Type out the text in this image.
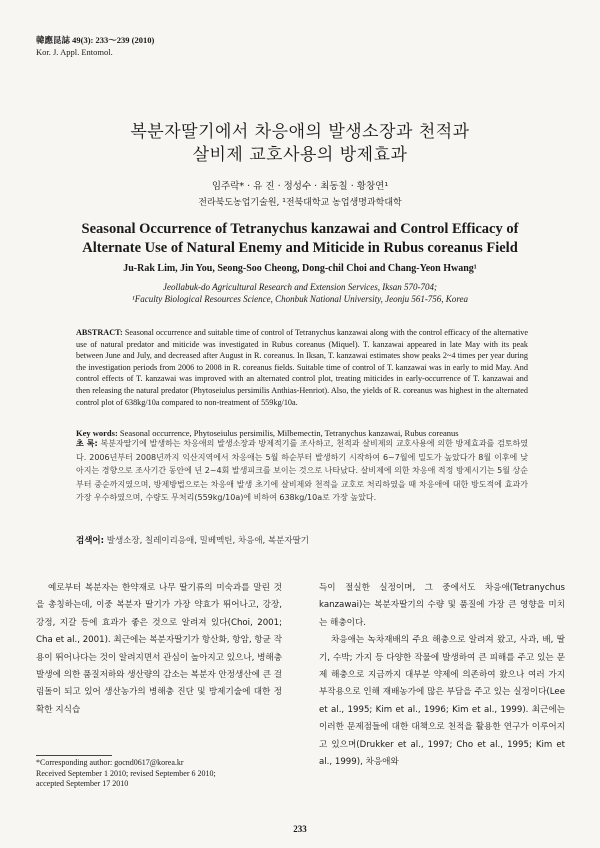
韓應昆誌 49(3): 233～239 (2010)
Kor. J. Appl. Entomol.
복분자딸기에서 차응애의 발생소장과 천적과
살비제 교호사용의 방제효과
임주락* · 유 진 · 정성수 · 최동칠 · 황창연¹
전라북도농업기술원, ¹전북대학교 농업생명과학대학
Seasonal Occurrence of Tetranychus kanzawai and Control Efficacy of
Alternate Use of Natural Enemy and Miticide in Rubus coreanus Field
Ju-Rak Lim, Jin You, Seong-Soo Cheong, Dong-chil Choi and Chang-Yeon Hwang¹
Jeollabuk-do Agricultural Research and Extension Services, Iksan 570-704;
¹Faculty Biological Resources Science, Chonbuk National University, Jeonju 561-756, Korea
ABSTRACT: Seasonal occurrence and suitable time of control of Tetranychus kanzawai along with the control efficacy of the alternative use of natural predator and miticide was investigated in Rubus coreanus (Miquel). T. kanzawai appeared in late May with its peak between June and July, and decreased after August in R. coreanus. In Iksan, T. kanzawai estimates show peaks 2~4 times per year during the investigation periods from 2006 to 2008 in R. coreanus fields. Suitable time of control of T. kanzawai was in early to mid May. And control effects of T. kanzawai was improved with an alternated control plot, treating miticides in early-occurrence of T. kanzawai and then releasing the natural predator (Phytoseiulus persimilis Anthias-Henriot). Also, the yields of R. coreanus was highest in the alternated control plot of 638kg/10a compared to non-treatment of 559kg/10a.
Key words: Seasonal occurrence, Phytoseiulus persimilis, Milbemectin, Tetranychus kanzawai, Rubus coreanus
초 록: 복분자딸기에 발생하는 차응애의 발생소장과 방제적기를 조사하고, 천적과 살비제의 교호사용에 의한 방제효과를 검토하였다. 2006년부터 2008년까지 익산지역에서 차응애는 5월 하순부터 발생하기 시작하여 6~7월에 밀도가 높았다가 8월 이후에 낮아지는 경향으로 조사기간 동안에 년 2~4회 발생피크를 보이는 것으로 나타났다. 살비제에 의한 차응애 적정 방제시기는 5월 상순부터 중순까지였으며, 방제방법으로는 차응애 발생 초기에 살비제와 천적을 교호로 처리하였을 때 차응애에 대한 방도적에 효과가 가장 우수하였으며, 수량도 무처리(559kg/10a)에 비하여 638kg/10a로 가장 높았다.
검색어: 발생소장, 칠레이리응애, 밀베멕틴, 차응애, 복분자딸기

예로부터 복분자는 한약재로 나무 딸기류의 미숙과를 말린 것을 총칭하는데, 이중 복분자 딸기가 가장 약효가 뛰어나고, 강장, 강정, 지갈 등에 효과가 좋은 것으로 알려져 있다(Choi, 2001; Cha et al., 2001). 최근에는 복분자딸기가 항산화, 항암, 항균 작용이 뛰어나다는 것이 알려지면서 관심이 높아지고 있으나, 병해충 발생에 의한 품질저하와 생산량의 감소는 복분자 안정생산에 큰 걸림돌이 되고 있어 생산농가의 병해충 진단 및 방제기술에 대한 정확한 지식습

득이 절실한 실정이며, 그 중에서도 차응애(Tetranychus kanzawai)는 복분자딸기의 수량 및 품질에 가장 큰 영향을 미치는 해충이다.

차응애는 녹차재배의 주요 해충으로 알려져 왔고, 사과, 배, 딸기, 수박; 가지 등 다양한 작물에 발생하여 큰 피해를 주고 있는 문제 해충으로 지금까지 대부분 약제에 의존하여 왔으나 여러 가지 부작용으로 인해 재배농가에 많은 부담을 주고 있는 실정이다(Lee et al., 1995; Kim et al., 1996; Kim et al., 1999). 최근에는 이러한 문제점들에 대한 대책으로 천적을 활용한 연구가 이루어지고 있으며(Drukker et al., 1997; Cho et al., 1995; Kim et al., 1999), 차응애와

*Corresponding author: gocnd0617@korea.kr
Received September 1 2010; revised September 6 2010;
accepted September 17 2010
233
